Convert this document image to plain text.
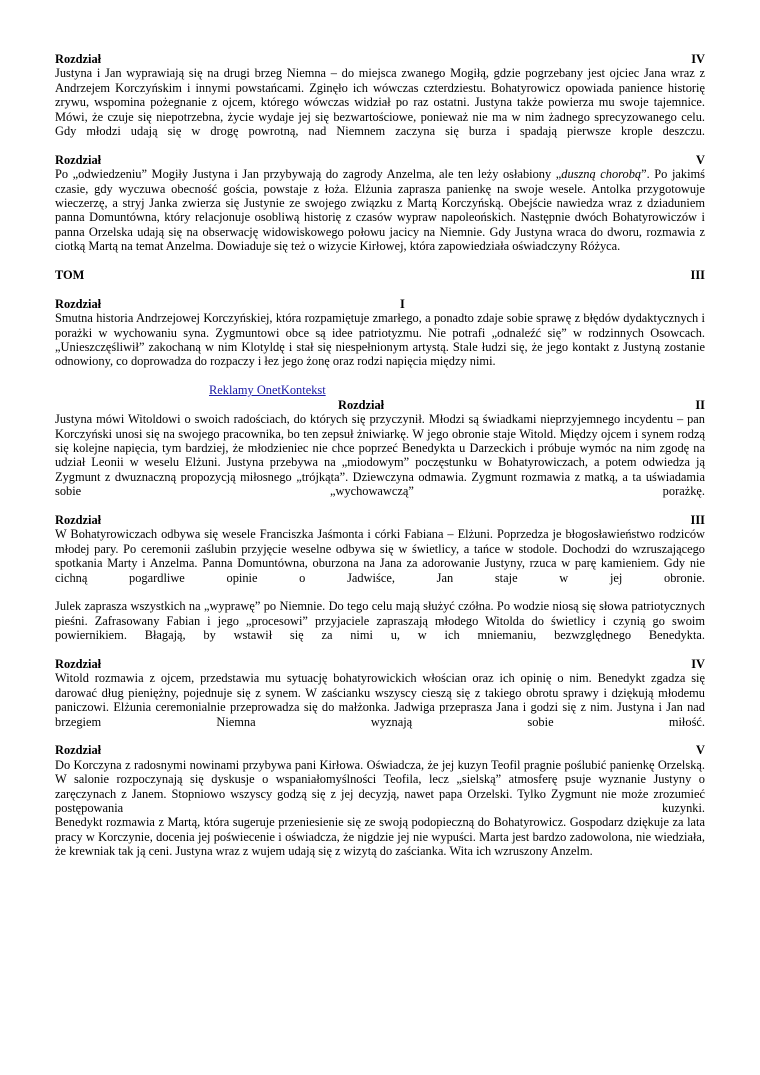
Rozdział	IV

Justyna i Jan wyprawiają się na drugi brzeg Niemna – do miejsca zwanego Mogiłą, gdzie pogrzebany jest ojciec Jana wraz z Andrzejem Korczyńskim i innymi powstańcami. Zginęło ich wówczas czterdziestu. Bohatyrowicz opowiada panience historię zrywu, wspomina pożegnanie z ojcem, którego wówczas widział po raz ostatni. Justyna także powierza mu swoje tajemnice. Mówi, że czuje się niepotrzebna, życie wydaje jej się bezwartościowe, ponieważ nie ma w nim żadnego sprecyzowanego celu. Gdy młodzi udają się w drogę powrotną, nad Niemnem zaczyna się burza i spadają pierwsze krople deszczu.

Rozdział	V

Po „odwiedzeniu” Mogiły Justyna i Jan przybywają do zagrody Anzelma, ale ten leży osłabiony „duszną chorobą”. Po jakimś czasie, gdy wyczuwa obecność gościa, powstaje z łoża. Elżunia zaprasza panienkę na swoje wesele. Antolka przygotowuje wieczerzę, a stryj Janka zwierza się Justynie ze swojego związku z Martą Korczyńską. Obejście nawiedza wraz z dziaduniem panna Domuntówna, który relacjonuje osobliwą historię z czasów wypraw napoleońskich. Następnie dwóch Bohatyrowiczów i panna Orzelska udają się na obserwację widowiskowego połowu jacicy na Niemnie. Gdy Justyna wraca do dworu, rozmawia z ciotką Martą na temat Anzelma. Dowiaduje się też o wizycie Kirłowej, która zapowiedziała oświadczyny Różyca.

TOM	III
Rozdział	I

Smutna historia Andrzejowej Korczyńskiej, która rozpamiętuje zmarłego, a ponadto zdaje sobie sprawę z błędów dydaktycznych i porażki w wychowaniu syna. Zygmuntowi obce są idee patriotyzmu. Nie potrafi „odnaleźć się” w rodzinnych Osowcach.„Unieszczęśliwił” zakochaną w nim Klotyldę i stał się niespełnionym artystą. Stale łudzi się, że jego kontakt z Justyną zostanie odnowiony, co doprowadza do rozpaczy i łez jego żonę oraz rodzi napięcia między nimi.

Reklamy OnetKontekst
Rozdział	II

Justyna mówi Witoldowi o swoich radościach, do których się przyczynił. Młodzi są świadkami nieprzyjemnego incydentu – pan Korczyński unosi się na swojego pracownika, bo ten zepsuł żniwiarkę. W jego obronie staje Witold. Między ojcem i synem rodzą się kolejne napięcia, tym bardziej, że młodzieniec nie chce poprzeć Benedykta u Darzeckich i próbuje wymóc na nim zgodę na udział Leonii w weselu Elżuni. Justyna przebywa na „miodowym” poczęstunku w Bohatyrowiczach, a potem odwiedza ją Zygmunt z dwuznaczną propozycją miłosnego „trójkąta”. Dziewczyna odmawia. Zygmunt rozmawia z matką, a ta uświadamia sobie „wychowawczą” porażkę.

Rozdział	III

W Bohatyrowiczach odbywa się wesele Franciszka Jaśmonta i córki Fabiana – Elżuni. Poprzedza je błogosławieństwo rodziców młodej pary. Po ceremonii zaślubin przyjęcie weselne odbywa się w świetlicy, a tańce w stodole. Dochodzi do wzruszającego spotkania Marty i Anzelma. Panna Domuntówna, oburzona na Jana za adorowanie Justyny, rzuca w parę kamieniem. Gdy nie cichną pogardliwe opinie o Jadwiśce, Jan staje w jej obronie.

Julek zaprasza wszystkich na „wyprawę” po Niemnie. Do tego celu mają służyć czółna. Po wodzie niosą się słowa patriotycznych pieśni. Zafrasowany Fabian i jego „procesowi” przyjaciele zapraszają młodego Witolda do świetlicy i czynią go swoim powiernikiem. Błagają, by wstawił się za nimi u, w ich mniemaniu, bezwzględnego Benedykta.

Rozdział	IV

Witold rozmawia z ojcem, przedstawia mu sytuację bohatyrowickich włościan oraz ich opinię o nim. Benedykt zgadza się darować dług pieniężny, pojednuje się z synem. W zaścianku wszyscy cieszą się z takiego obrotu sprawy i dziękują młodemu paniczowi. Elżunia ceremonialnie przeprowadza się do małżonka. Jadwiga przeprasza Jana i godzi się z nim. Justyna i Jan nad brzegiem Niemna wyznają sobie miłość.

Rozdział	V

Do Korczyna z radosnymi nowinami przybywa pani Kirłowa. Oświadcza, że jej kuzyn Teofil pragnie poślubić panienkę Orzelską. W salonie rozpoczynają się dyskusje o wspaniałomyślności Teofila, lecz „sielską” atmosferę psuje wyznanie Justyny o zaręczynach z Janem. Stopniowo wszyscy godzą się z jej decyzją, nawet papa Orzelski. Tylko Zygmunt nie może zrozumieć postępowania kuzynki.

Benedykt rozmawia z Martą, która sugeruje przeniesienie się ze swoją podopieczną do Bohatyrowicz. Gospodarz dziękuje za lata pracy w Korczynie, docenia jej poświecenie i oświadcza, że nigdzie jej nie wypuści. Marta jest bardzo zadowolona, nie wiedziała, że krewniak tak ją ceni. Justyna wraz z wujem udają się z wizytą do zaścianka. Wita ich wzruszony Anzelm.
